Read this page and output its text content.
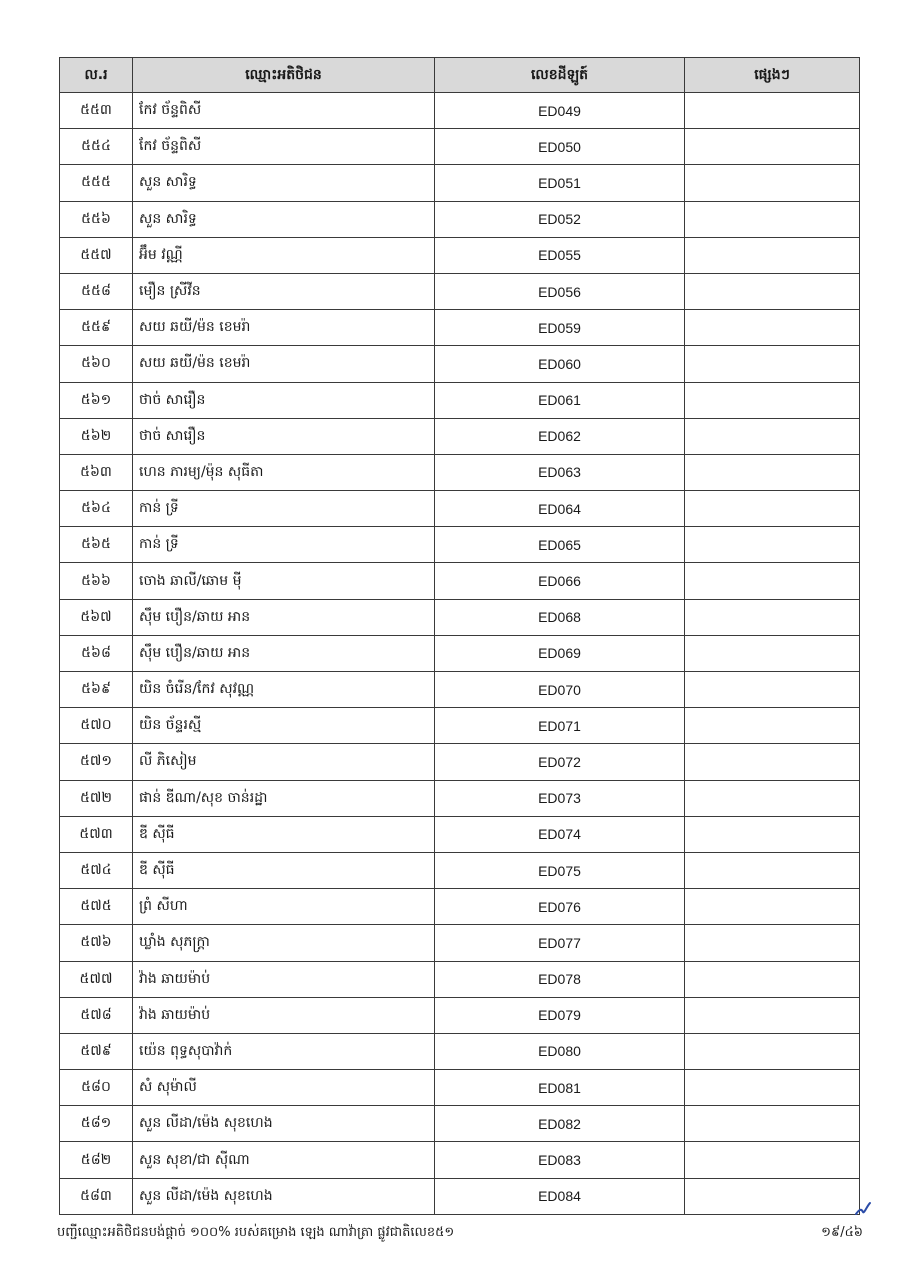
ល.រ	ឈ្មោះអតិថិជន	លេខដីឡូត៍	ផ្សេងៗ
៥៥៣	កែវ ច័ន្ទពិសី	ED049	
៥៥៤	កែវ ច័ន្ទពិសី	ED050	
៥៥៥	សួន សារិទ្ធ	ED051	
៥៥៦	សួន សារិទ្ធ	ED052	
៥៥៧	អ៊ឹម វណ្ណី	ED055	
៥៥៨	មឿន ស្រីវីន	ED056	
៥៥៩	សយ ឆយី/ម៉ន ខេមរ៉ា	ED059	
៥៦០	សយ ឆយី/ម៉ន ខេមរ៉ា	ED060	
៥៦១	ថាច់ សារឿន	ED061	
៥៦២	ថាច់ សារឿន	ED062	
៥៦៣	ហេន ភារម្យ/ម៉ុន សុធីតា	ED063	
៥៦៤	កាន់ ទ្រី	ED064	
៥៦៥	កាន់ ទ្រី	ED065	
៥៦៦	ចោង ឆាលី/ឆោម ម៉ី	ED066	
៥៦៧	ស៊ឹម បឿន/ឆាយ អាន	ED068	
៥៦៨	ស៊ឹម បឿន/ឆាយ អាន	ED069	
៥៦៩	យិន ចំរើន/កែវ សុវណ្ណ	ED070	
៥៧០	យិន ច័ន្ទរស្មី	ED071	
៥៧១	លី ភិសៀម	ED072	
៥៧២	ផាន់ ឌីណា/សុខ ចាន់រដ្ឋា	ED073	
៥៧៣	ឌី ស៊ីធី	ED074	
៥៧៤	ឌី ស៊ីធី	ED075	
៥៧៥	ព្រំ សីហា	ED076	
៥៧៦	ឃ្លាំង សុភក្ត្រា	ED077	
៥៧៧	វ៉ាង ឆាយម៉ាប់	ED078	
៥៧៨	វ៉ាង ឆាយម៉ាប់	ED079	
៥៧៩	យ៉េន ពុទ្ធសុបាវ៉ាក់	ED080	
៥៨០	សំ សុម៉ាលី	ED081	
៥៨១	សួន លីដា/ម៉េង សុខហេង	ED082	
៥៨២	សួន សុខា/ជា ស៊ីណា	ED083	
៥៨៣	សួន លីដា/ម៉េង សុខហេង	ED084	
បញ្ជីឈ្មោះអតិថិជនបង់ផ្តាច់ ១០០% របស់គម្រោង ឡេង ណាវ៉ាត្រា ផ្លូវជាតិលេខ៥១	១៩/៤៦
